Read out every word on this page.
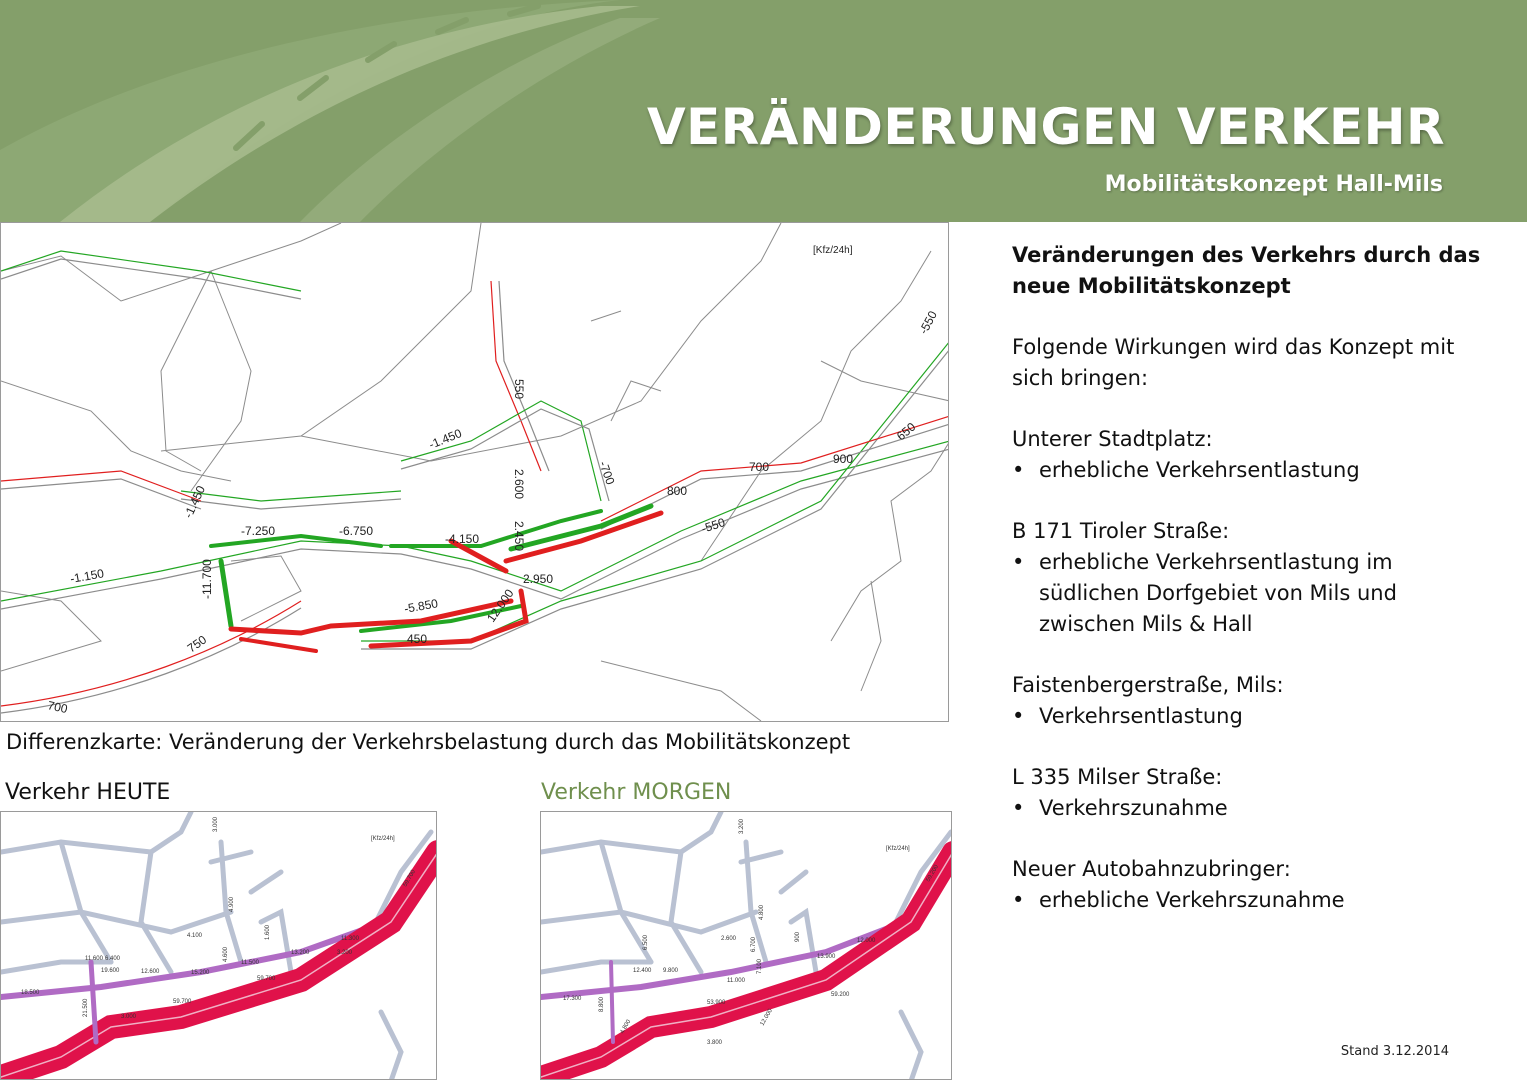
VERÄNDERUNGEN VERKEHR
Mobilitätskonzept Hall-Mils
[Kfz/24h]
-550
650
900
700
800
-550
550
-1.450
-700
2.600
-1.450
-7.250	-6.750
-4.150	2.450
2.950
-1.150	-11.700
-5.850	12.000
750	450
700
Differenzkarte: Veränderung der Verkehrsbelastung durch das Mobilitätskonzept
Verkehr HEUTE	Verkehr MORGEN
[Kfz/24h]
3.000
59.700
4.100	1.600
13.200
11.300
6.400
11.600
19.600	12.600	15.200
11.500
59.700
18.500
21.500	3.000
59.700
4.900
4.600	3.200
[Kfz/24h]
3.200
59.200
6.500	2.600 6.700	12.000
13.900
12.400 9.800
11.000
7.100
17.300
53.900
59.200
8.800
4.800
3.800
12.000
900
4.800

Veränderungen des Verkehrs durch das neue Mobilitätskonzept

Folgende Wirkungen wird das Konzept mit sich bringen:

Unterer Stadtplatz:

• erhebliche Verkehrsentlastung

B 171 Tiroler Straße:

• erhebliche Verkehrsentlastung im südlichen Dorfgebiet von Mils und zwischen Mils & Hall

Faistenbergerstraße, Mils:

• Verkehrsentlastung

L 335 Milser Straße:

• Verkehrszunahme

Neuer Autobahnzubringer:

• erhebliche Verkehrszunahme
Stand 3.12.2014
